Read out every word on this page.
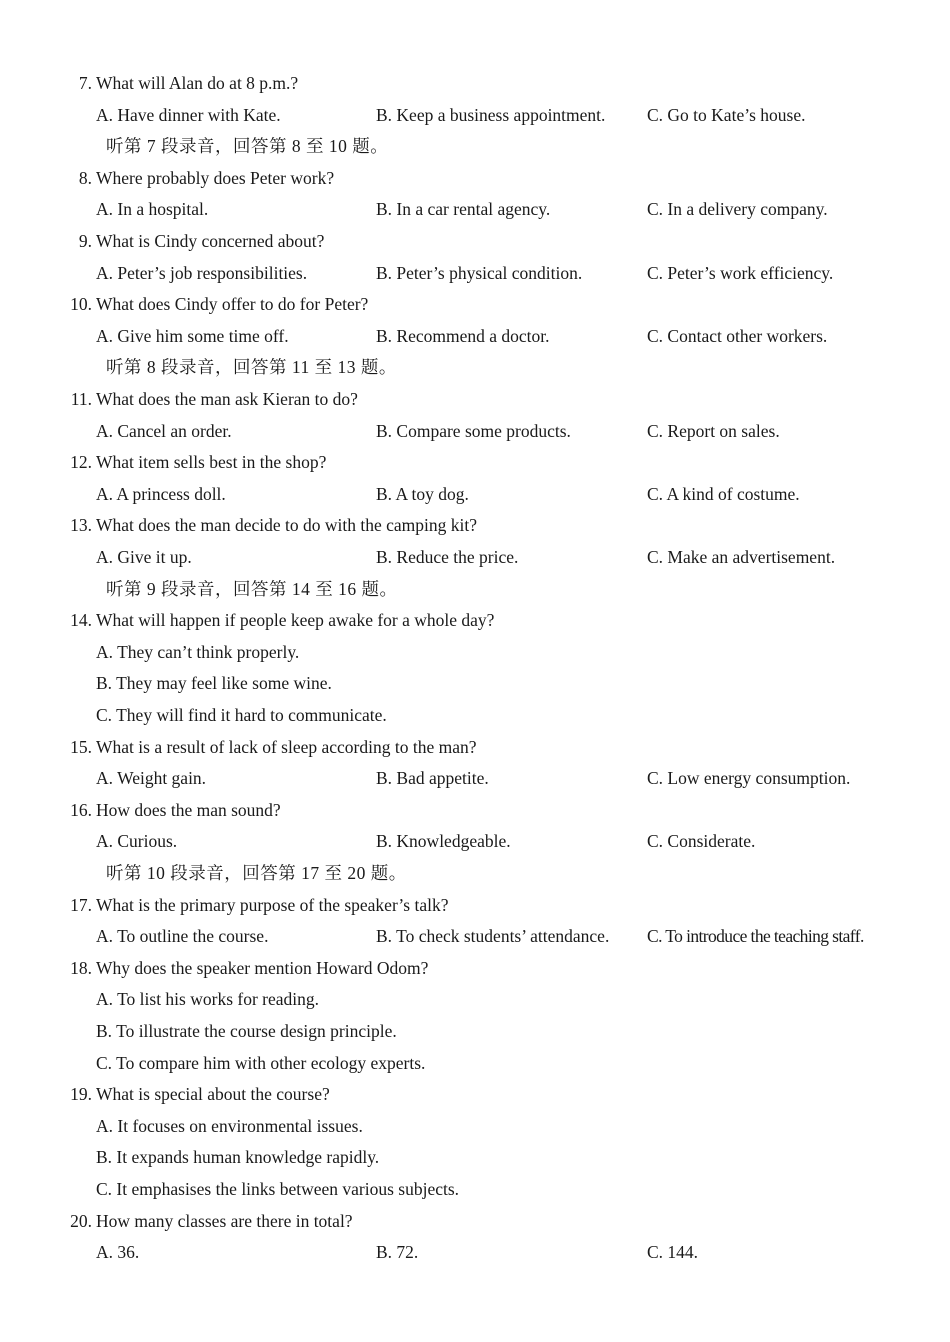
7. What will Alan do at 8 p.m.?
A. Have dinner with Kate.	B. Keep a business appointment. C. Go to Kate’s house.
听第 7 段录音，回答第 8 至 10 题。
8. Where probably does Peter work?
A. In a hospital.	B. In a car rental agency.	C. In a delivery company.
9. What is Cindy concerned about?
A. Peter’s job responsibilities.	B. Peter’s physical condition.	C. Peter’s work efficiency.
10. What does Cindy offer to do for Peter?
A. Give him some time off.	B. Recommend a doctor.	C. Contact other workers.
听第 8 段录音，回答第 11 至 13 题。
11. What does the man ask Kieran to do?
A. Cancel an order.	B. Compare some products.	C. Report on sales.
12. What item sells best in the shop?
A. A princess doll.	B. A toy dog.	C. A kind of costume.
13. What does the man decide to do with the camping kit?
A. Give it up.	B. Reduce the price.	C. Make an advertisement.
听第 9 段录音，回答第 14 至 16 题。
14. What will happen if people keep awake for a whole day?
A. They can’t think properly.
B. They may feel like some wine.
C. They will find it hard to communicate.
15. What is a result of lack of sleep according to the man?
A. Weight gain.	B. Bad appetite.	C. Low energy consumption.
16. How does the man sound?
A. Curious.	B. Knowledgeable.	C. Considerate.
听第 10 段录音，回答第 17 至 20 题。
17. What is the primary purpose of the speaker’s talk?
A. To outline the course.	B. To check students’ attendance. C. To introduce the teaching staff.
18. Why does the speaker mention Howard Odom?
A. To list his works for reading.
B. To illustrate the course design principle.
C. To compare him with other ecology experts.
19. What is special about the course?
A. It focuses on environmental issues.
B. It expands human knowledge rapidly.
C. It emphasises the links between various subjects.
20. How many classes are there in total?
A. 36.	B. 72.	C. 144.
